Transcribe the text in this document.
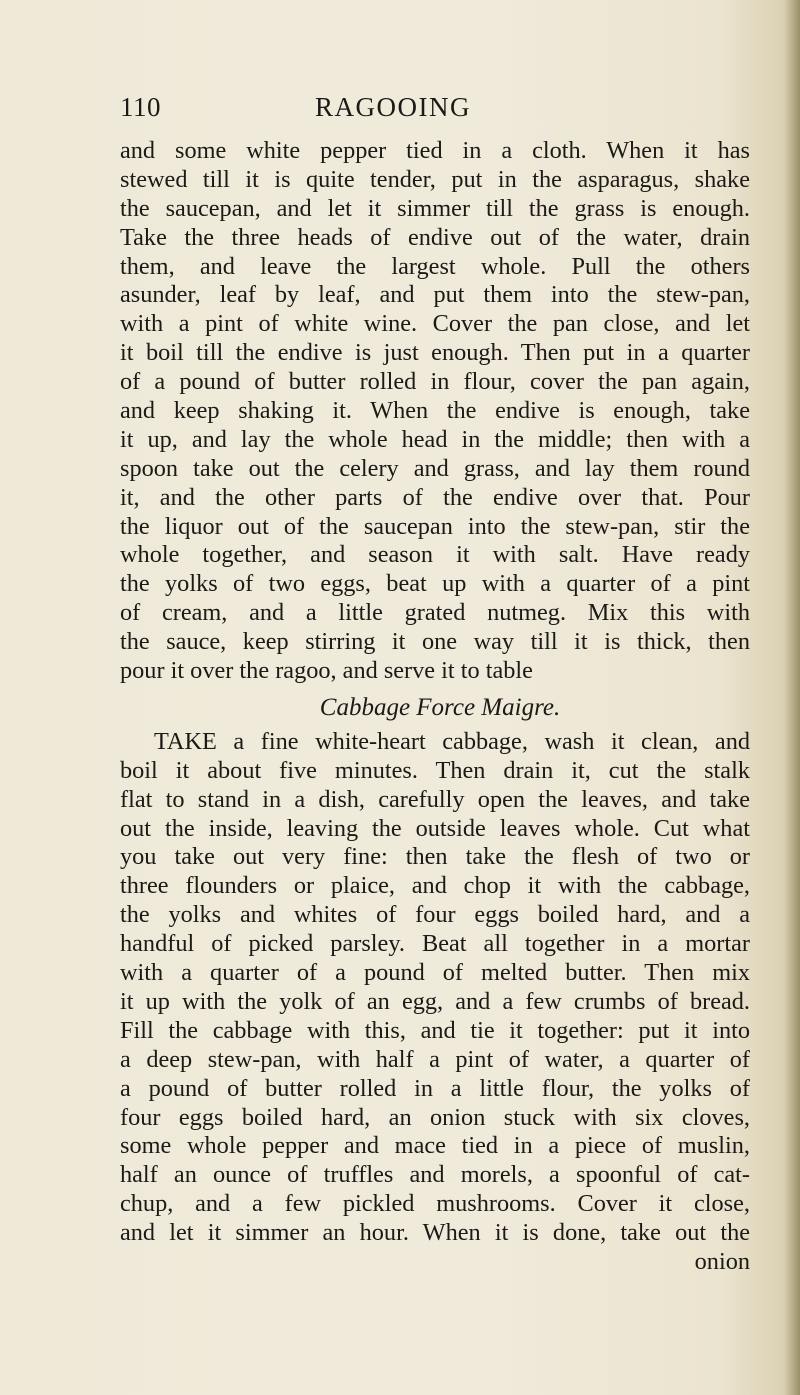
110	RAGOOING
and some white pepper tied in a cloth. When it has
stewed till it is quite tender, put in the asparagus, shake
the saucepan, and let it simmer till the grass is enough.
Take the three heads of endive out of the water, drain
them, and leave the largest whole. Pull the others
asunder, leaf by leaf, and put them into the stew-pan,
with a pint of white wine. Cover the pan close, and let
it boil till the endive is just enough. Then put in a quarter
of a pound of butter rolled in flour, cover the pan again,
and keep shaking it. When the endive is enough, take
it up, and lay the whole head in the middle; then with a
spoon take out the celery and grass, and lay them round
it, and the other parts of the endive over that. Pour
the liquor out of the saucepan into the stew-pan, stir the
whole together, and season it with salt. Have ready
the yolks of two eggs, beat up with a quarter of a pint
of cream, and a little grated nutmeg. Mix this with
the sauce, keep stirring it one way till it is thick, then
pour it over the ragoo, and serve it to table
Cabbage Force Maigre.
TAKE a fine white-heart cabbage, wash it clean, and
boil it about five minutes. Then drain it, cut the stalk
flat to stand in a dish, carefully open the leaves, and take
out the inside, leaving the outside leaves whole. Cut what
you take out very fine: then take the flesh of two or
three flounders or plaice, and chop it with the cabbage,
the yolks and whites of four eggs boiled hard, and a
handful of picked parsley. Beat all together in a mortar
with a quarter of a pound of melted butter. Then mix
it up with the yolk of an egg, and a few crumbs of bread.
Fill the cabbage with this, and tie it together: put it into
a deep stew-pan, with half a pint of water, a quarter of
a pound of butter rolled in a little flour, the yolks of
four eggs boiled hard, an onion stuck with six cloves,
some whole pepper and mace tied in a piece of muslin,
half an ounce of truffles and morels, a spoonful of cat-
chup, and a few pickled mushrooms. Cover it close,
and let it simmer an hour. When it is done, take out the
onion
